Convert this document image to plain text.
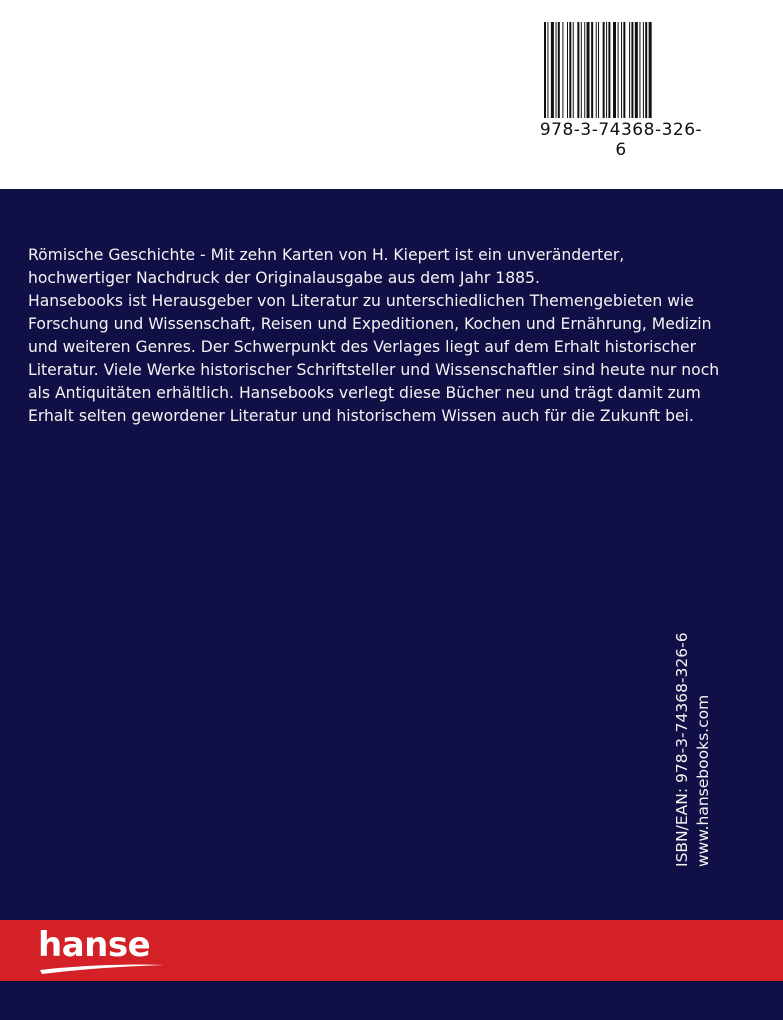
978-3-74368-326-6

Römische Geschichte - Mit zehn Karten von H. Kiepert ist ein unveränderter, hochwertiger Nachdruck der Originalausgabe aus dem Jahr 1885.

Hansebooks ist Herausgeber von Literatur zu unterschiedlichen Themengebieten wie Forschung und Wissenschaft, Reisen und Expeditionen, Kochen und Ernährung, Medizin und weiteren Genres. Der Schwerpunkt des Verlages liegt auf dem Erhalt historischer Literatur. Viele Werke historischer Schriftsteller und Wissenschaftler sind heute nur noch als Antiquitäten erhältlich. Hansebooks verlegt diese Bücher neu und trägt damit zum Erhalt selten gewordener Literatur und historischem Wissen auch für die Zukunft bei.

ISBN/EAN: 978-3-74368-326-6 www.hansebooks.com
hanse
